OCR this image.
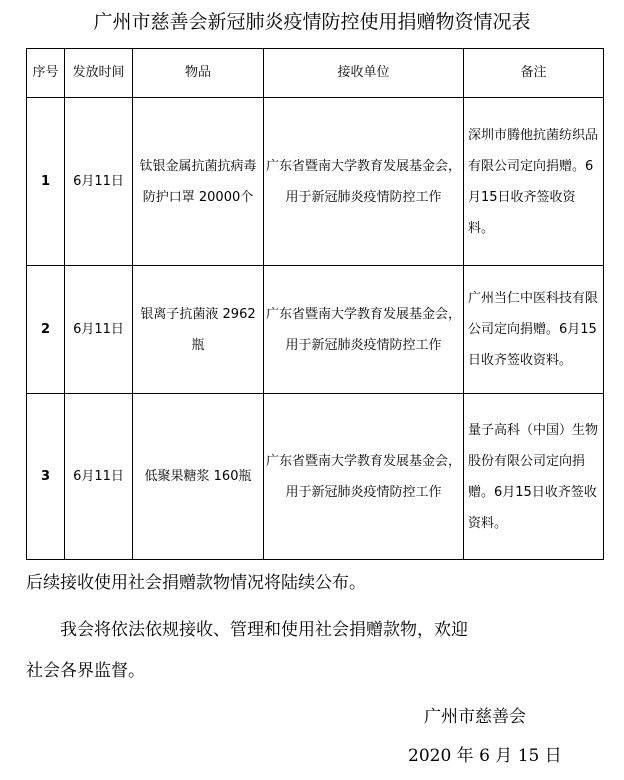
广州市慈善会新冠肺炎疫情防控使用捐赠物资情况表
序号	发放时间	物品	接收单位	备注
1	6月11日	钛银金属抗菌抗病毒防护口罩 20000个	广东省暨南大学教育发展基金会，用于新冠肺炎疫情防控工作	深圳市腾他抗菌纺织品有限公司定向捐赠。6月15日收齐签收资料。
2	6月11日	银离子抗菌液 2962瓶	广东省暨南大学教育发展基金会，用于新冠肺炎疫情防控工作	广州当仁中医科技有限公司定向捐赠。6月15日收齐签收资料。
3	6月11日	低聚果糖浆 160瓶	广东省暨南大学教育发展基金会，用于新冠肺炎疫情防控工作	量子高科（中国）生物股份有限公司定向捐赠。6月15日收齐签收资料。
后续接收使用社会捐赠款物情况将陆续公布。
我会将依法依规接收、管理和使用社会捐赠款物，欢迎
社会各界监督。
广州市慈善会
2020 年 6 月 15 日
